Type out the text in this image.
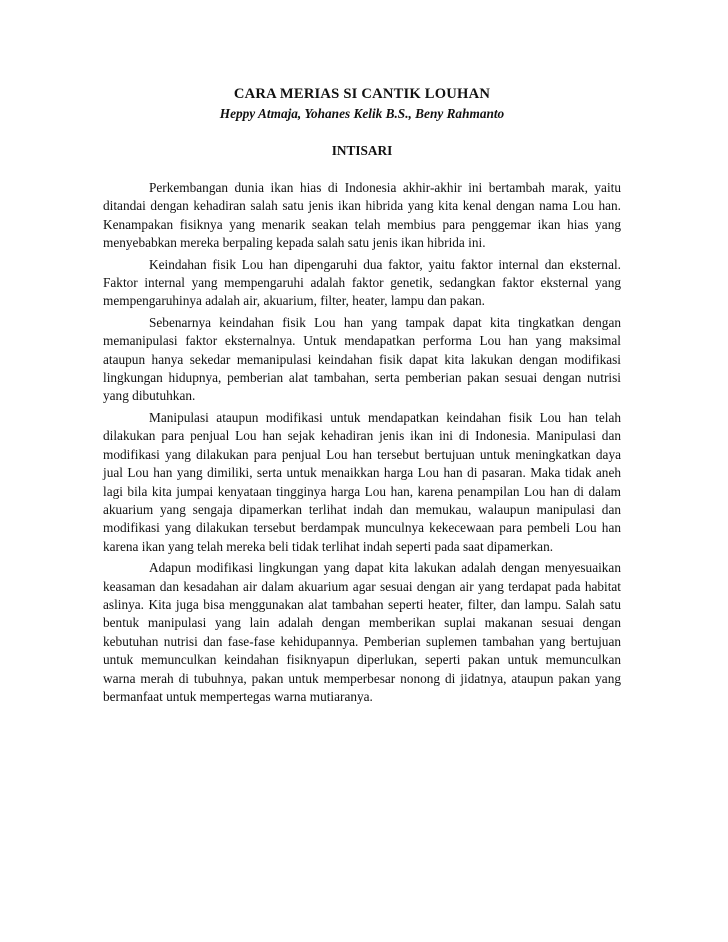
CARA MERIAS SI CANTIK LOUHAN
Heppy Atmaja, Yohanes Kelik B.S., Beny Rahmanto
INTISARI

Perkembangan dunia ikan hias di Indonesia akhir-akhir ini bertambah marak, yaitu ditandai dengan kehadiran salah satu jenis ikan hibrida yang kita kenal dengan nama Lou han. Kenampakan fisiknya yang menarik seakan telah membius para penggemar ikan hias yang menyebabkan mereka berpaling kepada salah satu jenis ikan hibrida ini.

Keindahan fisik Lou han dipengaruhi dua faktor, yaitu faktor internal dan eksternal. Faktor internal yang mempengaruhi adalah faktor genetik, sedangkan faktor eksternal yang mempengaruhinya adalah air, akuarium, filter, heater, lampu dan pakan.

Sebenarnya keindahan fisik Lou han yang tampak dapat kita tingkatkan dengan memanipulasi faktor eksternalnya. Untuk mendapatkan performa Lou han yang maksimal ataupun hanya sekedar memanipulasi keindahan fisik dapat kita lakukan dengan modifikasi lingkungan hidupnya, pemberian alat tambahan, serta pemberian pakan sesuai dengan nutrisi yang dibutuhkan.

Manipulasi ataupun modifikasi untuk mendapatkan keindahan fisik Lou han telah dilakukan para penjual Lou han sejak kehadiran jenis ikan ini di Indonesia. Manipulasi dan modifikasi yang dilakukan para penjual Lou han tersebut bertujuan untuk meningkatkan daya jual Lou han yang dimiliki, serta untuk menaikkan harga Lou han di pasaran. Maka tidak aneh lagi bila kita jumpai kenyataan tingginya harga Lou han, karena penampilan Lou han di dalam akuarium yang sengaja dipamerkan terlihat indah dan memukau, walaupun manipulasi dan modifikasi yang dilakukan tersebut berdampak munculnya kekecewaan para pembeli Lou han karena ikan yang telah mereka beli tidak terlihat indah seperti pada saat dipamerkan.

Adapun modifikasi lingkungan yang dapat kita lakukan adalah dengan menyesuaikan keasaman dan kesadahan air dalam akuarium agar sesuai dengan air yang terdapat pada habitat aslinya. Kita juga bisa menggunakan alat tambahan seperti heater, filter, dan lampu. Salah satu bentuk manipulasi yang lain adalah dengan memberikan suplai makanan sesuai dengan kebutuhan nutrisi dan fase-fase kehidupannya. Pemberian suplemen tambahan yang bertujuan untuk memunculkan keindahan fisiknyapun diperlukan, seperti pakan untuk memunculkan warna merah di tubuhnya, pakan untuk memperbesar nonong di jidatnya, ataupun pakan yang bermanfaat untuk mempertegas warna mutiaranya.
